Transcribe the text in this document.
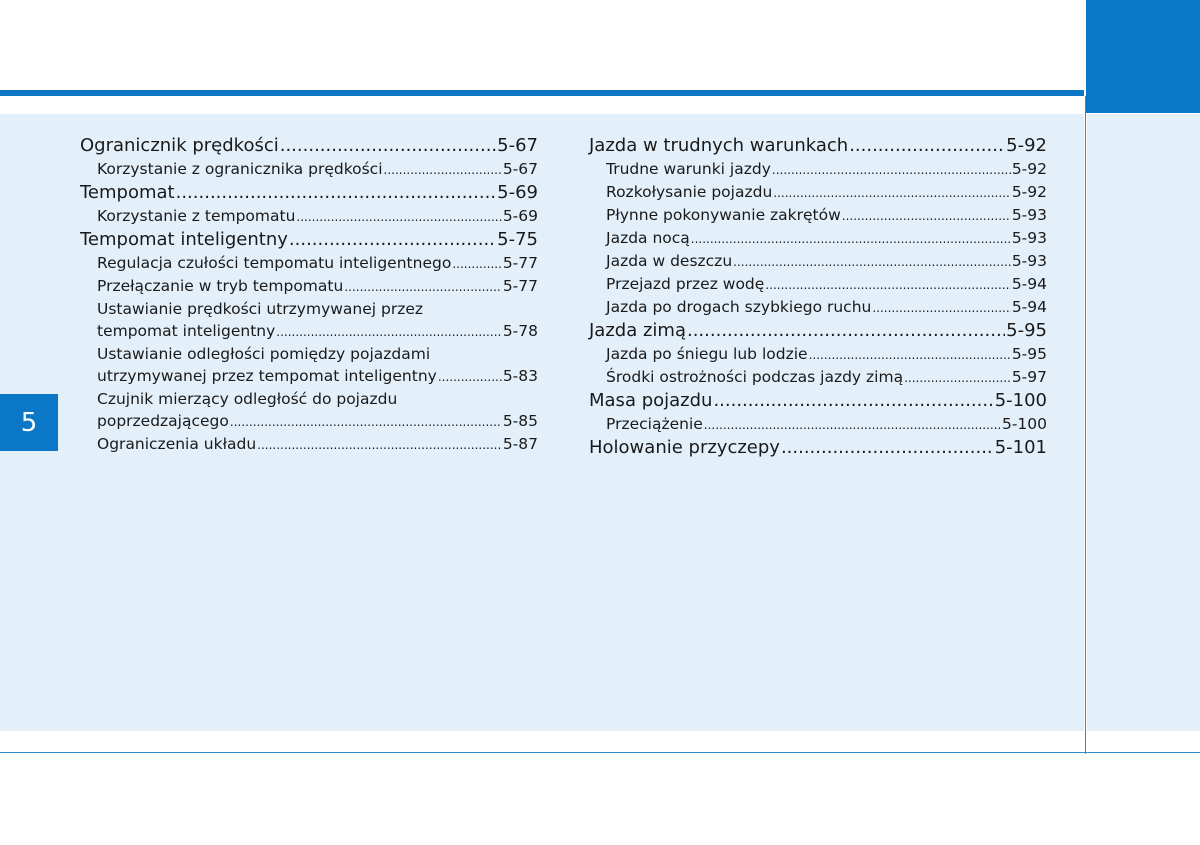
5
Ogranicznik prędkości .....	5-67
Korzystanie z ogranicznika prędkości .....	5-67
Tempomat .....	5-69
Korzystanie z tempomatu .....	5-69
Tempomat inteligentny .....	5-75
Regulacja czułości tempomatu inteligentnego .....	5-77
Przełączanie w tryb tempomatu .....	5-77
Ustawianie prędkości utrzymywanej przez
tempomat inteligentny .....	5-78
Ustawianie odległości pomiędzy pojazdami
utrzymywanej przez tempomat inteligentny .....	5-83
Czujnik mierzący odległość do pojazdu
poprzedzającego .....	5-85
Ograniczenia układu .....	5-87
Jazda w trudnych warunkach .....	5-92
Trudne warunki jazdy .....	5-92
Rozkołysanie pojazdu .....	5-92
Płynne pokonywanie zakrętów .....	5-93
Jazda nocą .....	5-93
Jazda w deszczu .....	5-93
Przejazd przez wodę .....	5-94
Jazda po drogach szybkiego ruchu .....	5-94
Jazda zimą .....	5-95
Jazda po śniegu lub lodzie .....	5-95
Środki ostrożności podczas jazdy zimą .....	5-97
Masa pojazdu .....	5-100
Przeciążenie .....	5-100
Holowanie przyczepy .....	5-101
